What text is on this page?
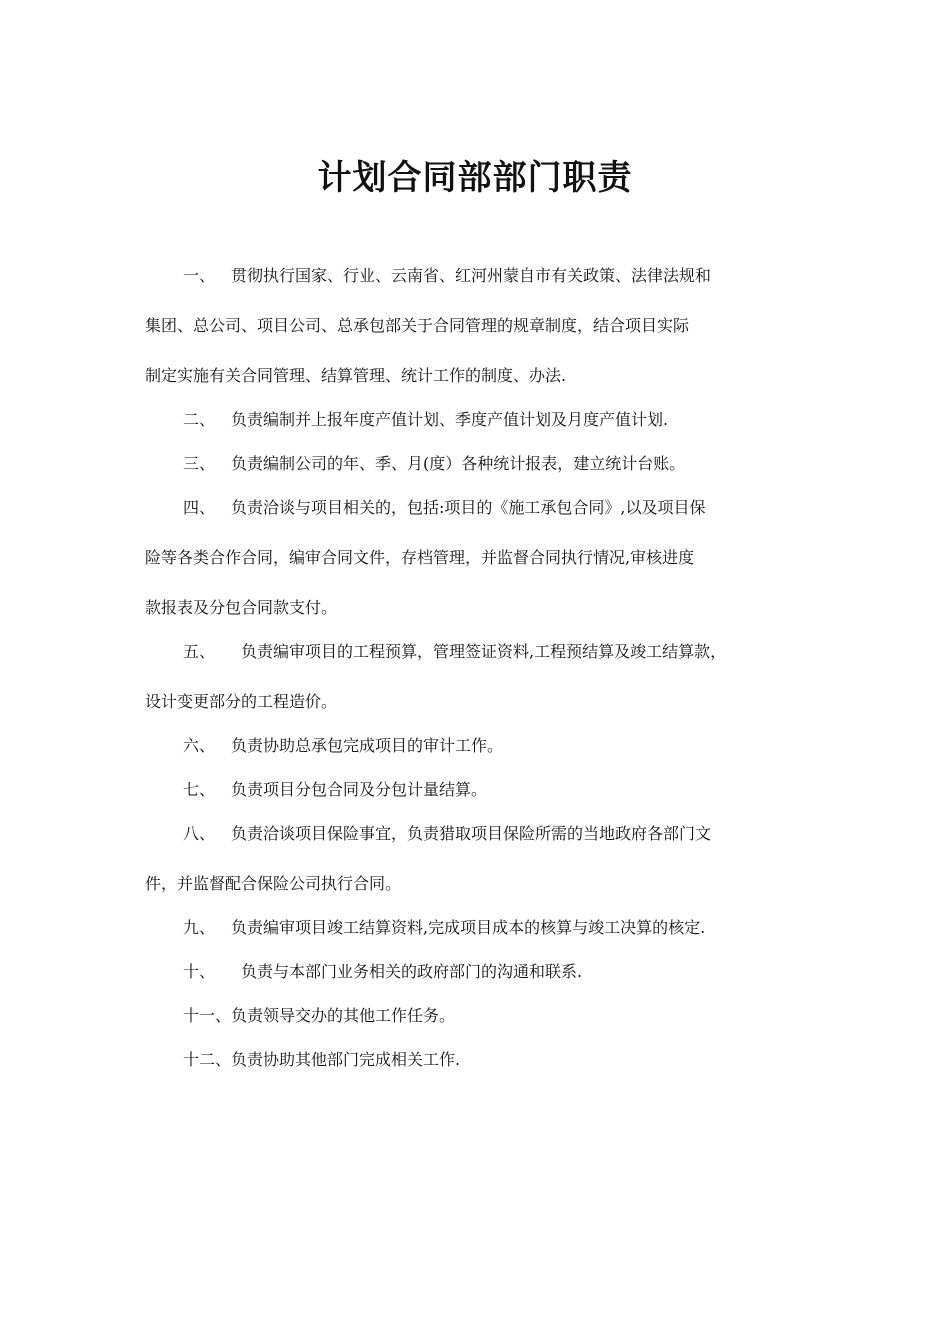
计划合同部部门职责
一、 贯彻执行国家、行业、云南省、红河州蒙自市有关政策、法律法规和
集团、总公司、项目公司、总承包部关于合同管理的规章制度，结合项目实际
制定实施有关合同管理、结算管理、统计工作的制度、办法.
二、 负责编制并上报年度产值计划、季度产值计划及月度产值计划.
三、 负责编制公司的年、季、月(度）各种统计报表，建立统计台账。
四、 负责洽谈与项目相关的，包括:项目的《施工承包合同》,以及项目保
险等各类合作合同，编审合同文件，存档管理，并监督合同执行情况,审核进度
款报表及分包合同款支付。
五、 负责编审项目的工程预算，管理签证资料,工程预结算及竣工结算款，
设计变更部分的工程造价。
六、 负责协助总承包完成项目的审计工作。
七、 负责项目分包合同及分包计量结算。
八、 负责洽谈项目保险事宜，负责猎取项目保险所需的当地政府各部门文
件，并监督配合保险公司执行合同。
九、 负责编审项目竣工结算资料,完成项目成本的核算与竣工决算的核定.
十、 负责与本部门业务相关的政府部门的沟通和联系.
十一、负责领导交办的其他工作任务。
十二、负责协助其他部门完成相关工作.
